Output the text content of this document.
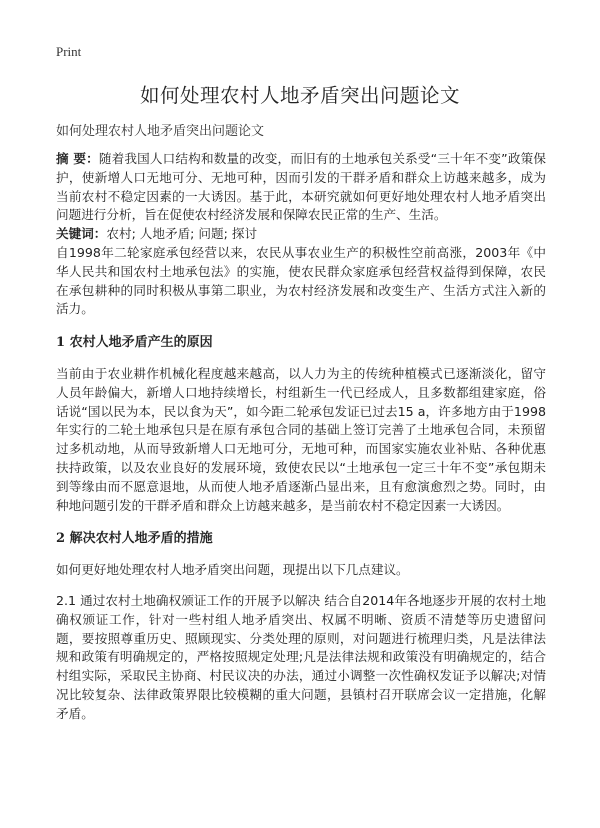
Print
如何处理农村人地矛盾突出问题论文

如何处理农村人地矛盾突出问题论文

摘 要：随着我国人口结构和数量的改变，而旧有的土地承包关系受“三十年不变”政策保护，使新增人口无地可分、无地可种，因而引发的干群矛盾和群众上访越来越多，成为当前农村不稳定因素的一大诱因。基于此，本研究就如何更好地处理农村人地矛盾突出问题进行分析，旨在促使农村经济发展和保障农民正常的生产、生活。

关键词：农村; 人地矛盾; 问题; 探讨

自1998年二轮家庭承包经营以来，农民从事农业生产的积极性空前高涨，2003年《中华人民共和国农村土地承包法》的实施，使农民群众家庭承包经营权益得到保障，农民在承包耕种的同时积极从事第二职业，为农村经济发展和改变生产、生活方式注入新的活力。

1 农村人地矛盾产生的原因

当前由于农业耕作机械化程度越来越高，以人力为主的传统种植模式已逐渐淡化，留守人员年龄偏大，新增人口地持续增长，村组新生一代已经成人，且多数都组建家庭，俗话说“国以民为本，民以食为天”，如今距二轮承包发证已过去15 a，许多地方由于1998年实行的二轮土地承包只是在原有承包合同的基础上签订完善了土地承包合同，未预留过多机动地，从而导致新增人口无地可分，无地可种，而国家实施农业补贴、各种优惠扶持政策，以及农业良好的发展环境，致使农民以“土地承包一定三十年不变”承包期未到等缘由而不愿意退地，从而使人地矛盾逐渐凸显出来，且有愈演愈烈之势。同时，由种地问题引发的干群矛盾和群众上访越来越多，是当前农村不稳定因素一大诱因。

2 解决农村人地矛盾的措施

如何更好地处理农村人地矛盾突出问题，现提出以下几点建议。

2.1 通过农村土地确权颁证工作的开展予以解决 结合自2014年各地逐步开展的农村土地确权颁证工作，针对一些村组人地矛盾突出、权属不明晰、资质不清楚等历史遗留问题，要按照尊重历史、照顾现实、分类处理的原则，对问题进行梳理归类，凡是法律法规和政策有明确规定的，严格按照规定处理;凡是法律法规和政策没有明确规定的，结合村组实际，采取民主协商、村民议决的办法，通过小调整一次性确权发证予以解决;对情况比较复杂、法律政策界限比较模糊的重大问题，县镇村召开联席会议一定措施，化解矛盾。
